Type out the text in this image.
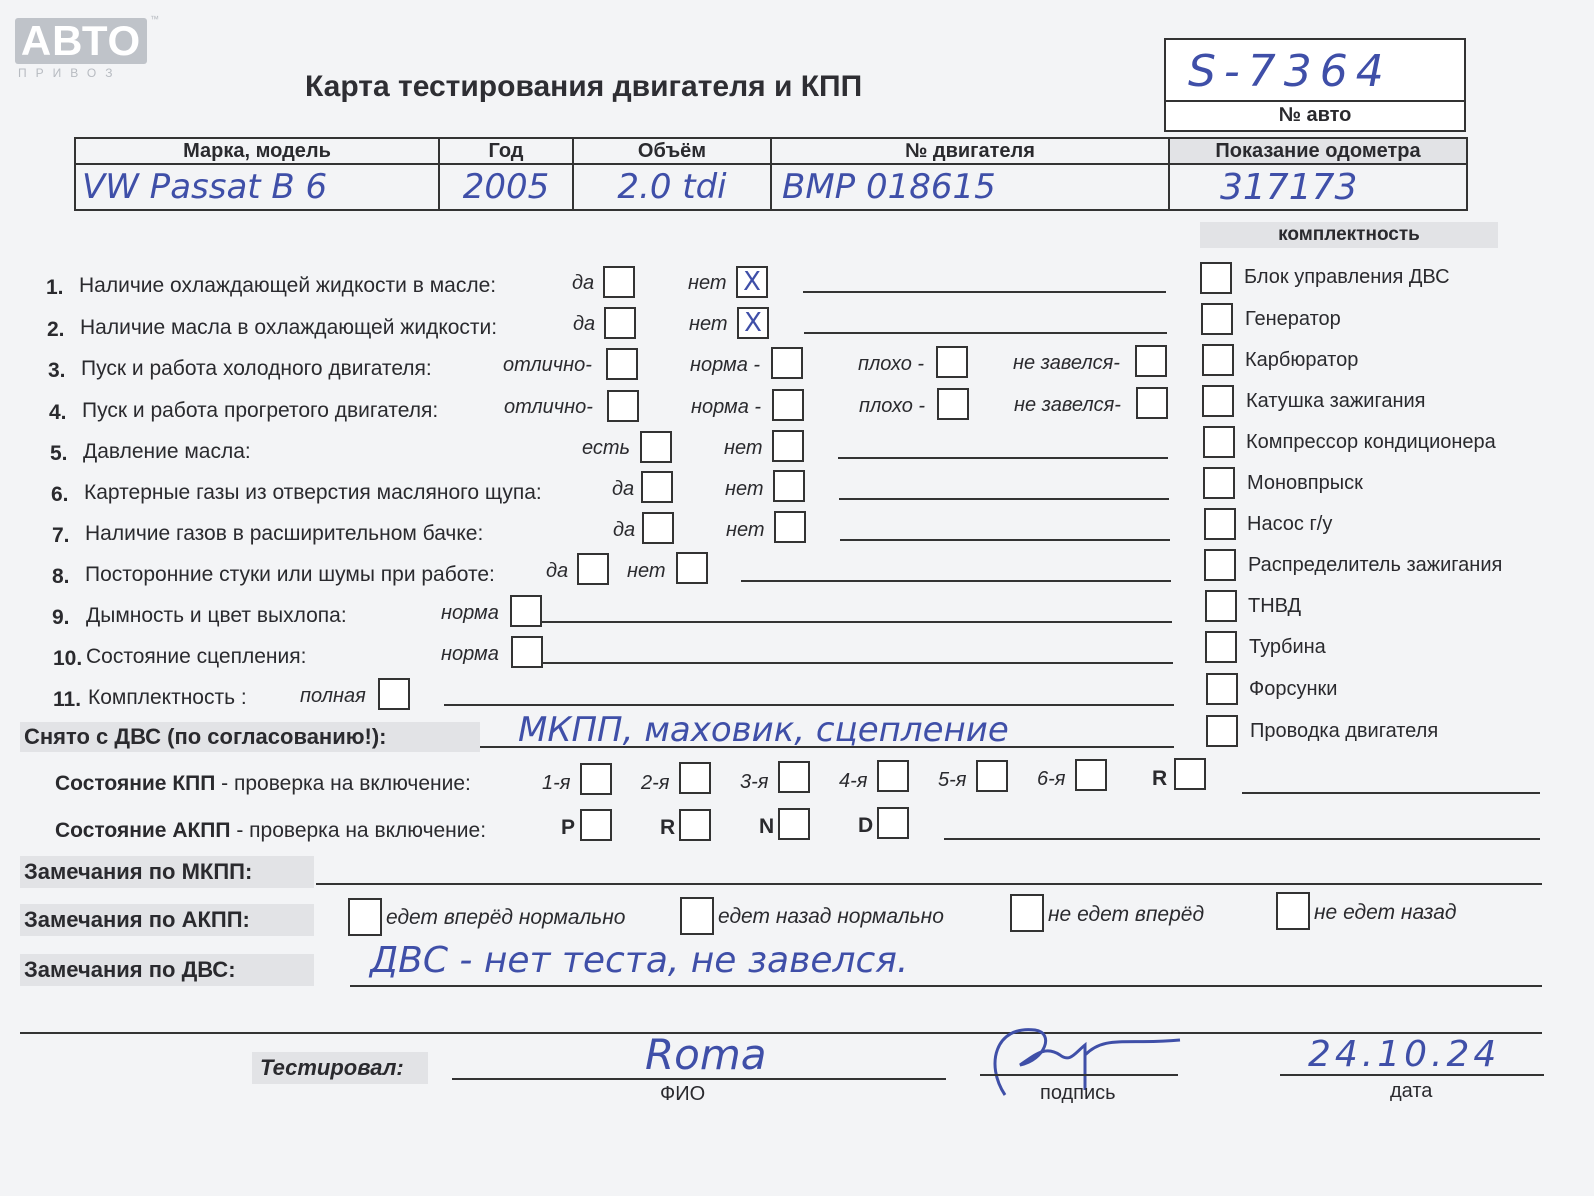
АВТО
ПРИВОЗ
™
Карта тестирования двигателя и КПП	S-7364
№ авто
Марка, модель	Год	Объём	№ двигателя	Показание одометра
VW Passat B 6	2005	2.0 tdi	BMP 018615	317173
комплектность
Блок управления ДВС
Генератор
Карбюратор
Катушка зажигания
Компрессор кондиционера
Моновпрыск
Насос г/у
Распределитель зажигания
ТНВД
Турбина
Форсунки
Проводка двигателя
1. Наличие охлаждающей жидкости в масле:	да	нет X
2. Наличие масла в охлаждающей жидкости:	да	нет X
3. Пуск и работа холодного двигателя:	отлично-	норма -	плохо -	не завелся-
4. Пуск и работа прогретого двигателя:	отлично-	норма -	плохо -	не завелся-
5. Давление масла:	есть	нет
6. Картерные газы из отверстия масляного щупа:	да	нет
7. Наличие газов в расширительном бачке:	да	нет
8. Посторонние стуки или шумы при работе:	да	нет
9. Дымность и цвет выхлопа:	норма
10. Состояние сцепления:	норма
11. Комплектность :	полная
Снято с ДВС (по согласованию!):	МКПП, маховик, сцепление
Состояние КПП - проверка на включение:	1-я	2-я	3-я	4-я	5-я	6-я	R
Состояние АКПП - проверка на включение:	P	R	N	D
Замечания по МКПП:
Замечания по АКПП:	едет вперёд нормально	едет назад нормально	не едет вперёд	не едет назад
Замечания по ДВС:	ДВС - нет теста, не завелся.
Тестировал:	Roma
ФИО	подпись
24.10.24
дата
